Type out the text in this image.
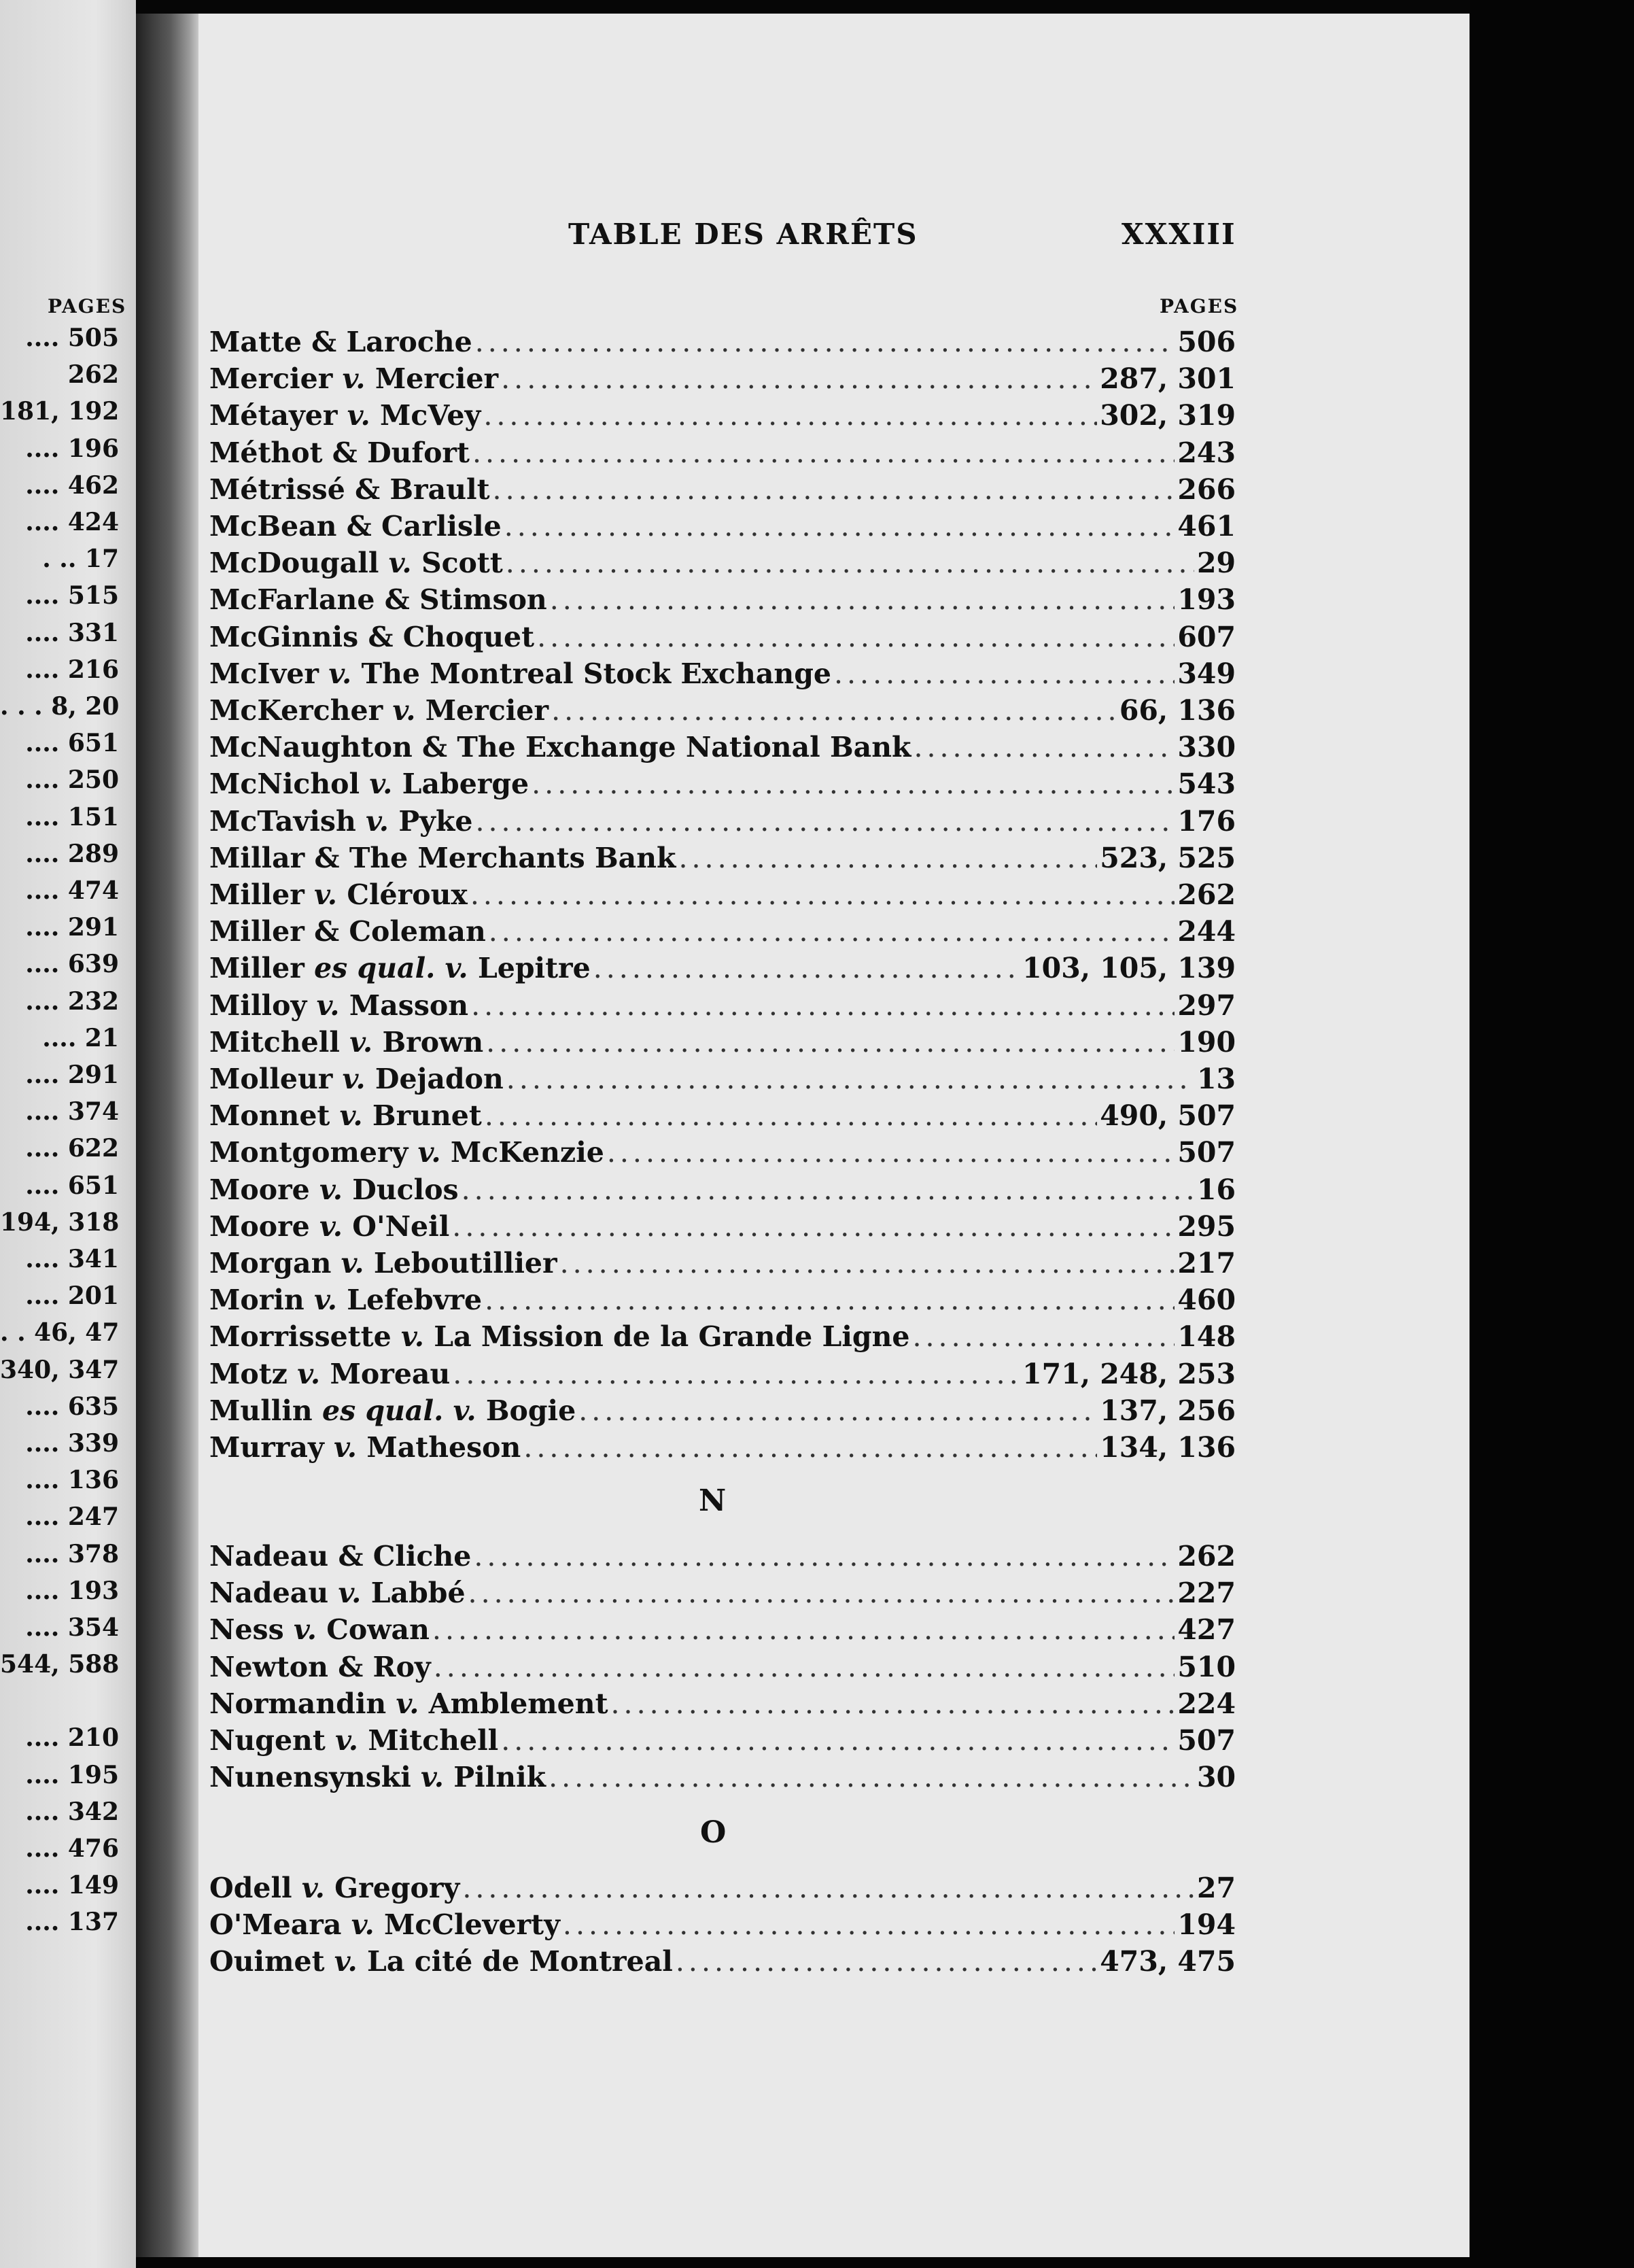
PAGES
.... 505
262
181, 192
.... 196
.... 462
.... 424
. .. 17
.... 515
.... 331
.... 216
. . . 8, 20
.... 651
.... 250
.... 151
.... 289
.... 474
.... 291
.... 639
.... 232
.... 21
.... 291
.... 374
.... 622
.... 651
194, 318
.... 341
.... 201
. . 46, 47
340, 347
.... 635
.... 339
.... 136
.... 247
.... 378
.... 193
.... 354
544, 588
.... 210
.... 195
.... 342
.... 476
.... 149
.... 137
TABLE DES ARRÊTS	XXXIII
PAGES
Matte & Laroche .....	506
Mercier v. Mercier .....	287, 301
Métayer v. McVey .....	302, 319
Méthot & Dufort .....	243
Métrissé & Brault .....	266
McBean & Carlisle .....	461
McDougall v. Scott .....	29
McFarlane & Stimson .....	193
McGinnis & Choquet .....	607
McIver v. The Montreal Stock Exchange .....	349
McKercher v. Mercier .....	66, 136
McNaughton & The Exchange National Bank .....	330
McNichol v. Laberge .....	543
McTavish v. Pyke .....	176
Millar & The Merchants Bank .....	523, 525
Miller v. Cléroux .....	262
Miller & Coleman .....	244
Miller es qual. v. Lepitre .....	103, 105, 139
Milloy v. Masson .....	297
Mitchell v. Brown .....	190
Molleur v. Dejadon .....	13
Monnet v. Brunet .....	490, 507
Montgomery v. McKenzie .....	507
Moore v. Duclos .....	16
Moore v. O'Neil .....	295
Morgan v. Leboutillier .....	217
Morin v. Lefebvre .....	460
Morrissette v. La Mission de la Grande Ligne .....	148
Motz v. Moreau .....	171, 248, 253
Mullin es qual. v. Bogie .....	137, 256
Murray v. Matheson .....	134, 136
Nadeau & Cliche .....	262
Nadeau v. Labbé .....	227
Ness v. Cowan .....	427
Newton & Roy .....	510
Normandin v. Amblement .....	224
Nugent v. Mitchell .....	507
Nunensynski v. Pilnik .....	30
Odell v. Gregory .....	27
O'Meara v. McCleverty .....	194
Ouimet v. La cité de Montreal .....	473, 475
N
O
